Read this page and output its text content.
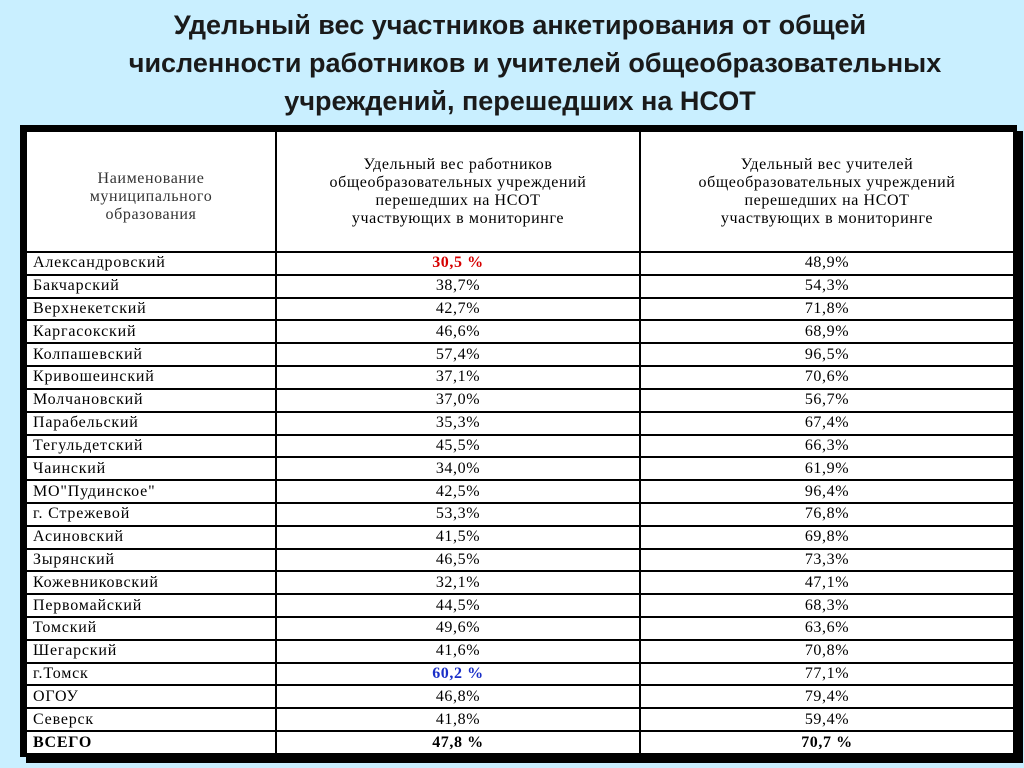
Удельный вес участников анкетирования от общей
численности работников и учителей общеобразовательных
учреждений, перешедших на НСОТ
Наименование
муниципального
образования	Удельный вес работников
общеобразовательных учреждений
перешедших на НСОТ
участвующих в мониторинге	Удельный вес учителей
общеобразовательных учреждений
перешедших на НСОТ
участвующих в мониторинге

Александровский	30,5 %	48,9%
Бакчарский	38,7%	54,3%
Верхнекетский	42,7%	71,8%
Каргасокский	46,6%	68,9%
Колпашевский	57,4%	96,5%
Кривошеинский	37,1%	70,6%
Молчановский	37,0%	56,7%
Парабельский	35,3%	67,4%
Тегульдетский	45,5%	66,3%
Чаинский	34,0%	61,9%
МО"Пудинское"	42,5%	96,4%
г. Стрежевой	53,3%	76,8%
Асиновский	41,5%	69,8%
Зырянский	46,5%	73,3%
Кожевниковский	32,1%	47,1%
Первомайский	44,5%	68,3%
Томский	49,6%	63,6%
Шегарский	41,6%	70,8%
г.Томск	60,2 %	77,1%
ОГОУ	46,8%	79,4%
Северск	41,8%	59,4%
ВСЕГО	47,8 %	70,7 %
